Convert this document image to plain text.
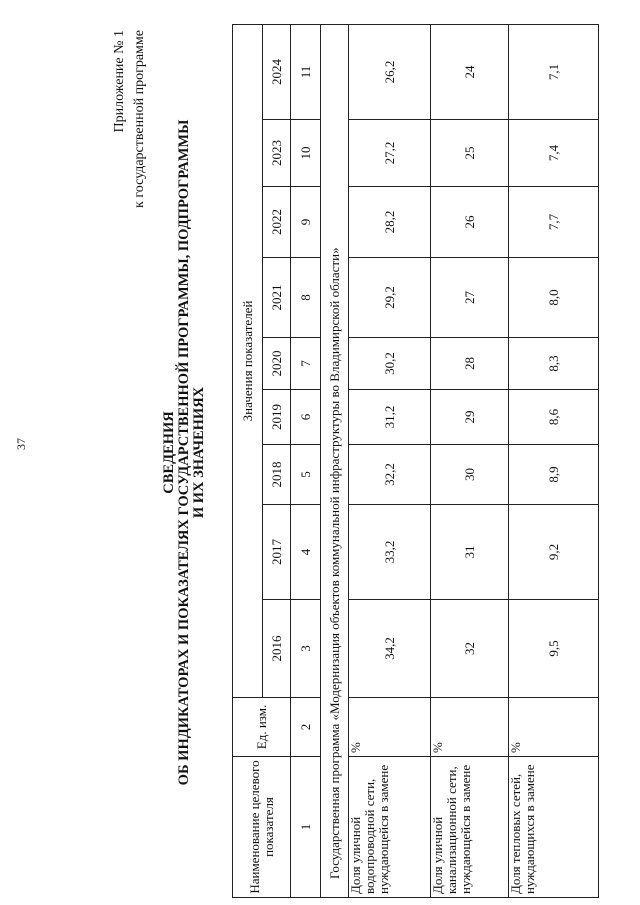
37
Приложение № 1 к государственной программе
СВЕДЕНИЯ ОБ ИНДИКАТОРАХ И ПОКАЗАТЕЛЯХ ГОСУДАРСТВЕННОЙ ПРОГРАММЫ, ПОДПРОГРАММЫ И ИХ ЗНАЧЕНИЯХ
Наименование целевого показателя	Ед. изм.	Значения показателей								
		2016	2017	2018	2019	2020	2021	2022	2023	2024
1	2	3	4	5	6	7	8	9	10	11
Государственная программа «Модернизация объектов коммунальной инфраструктуры во Владимирской области»										
Доля уличной водопроводной сети, нуждающейся в замене	%	34,2	33,2	32,2	31,2	30,2	29,2	28,2	27,2	26,2
Доля уличной канализационной сети, нуждающейся в замене	%	32	31	30	29	28	27	26	25	24
Доля тепловых сетей, нуждающихся в замене	%	9,5	9,2	8,9	8,6	8,3	8,0	7,7	7,4	7,1
